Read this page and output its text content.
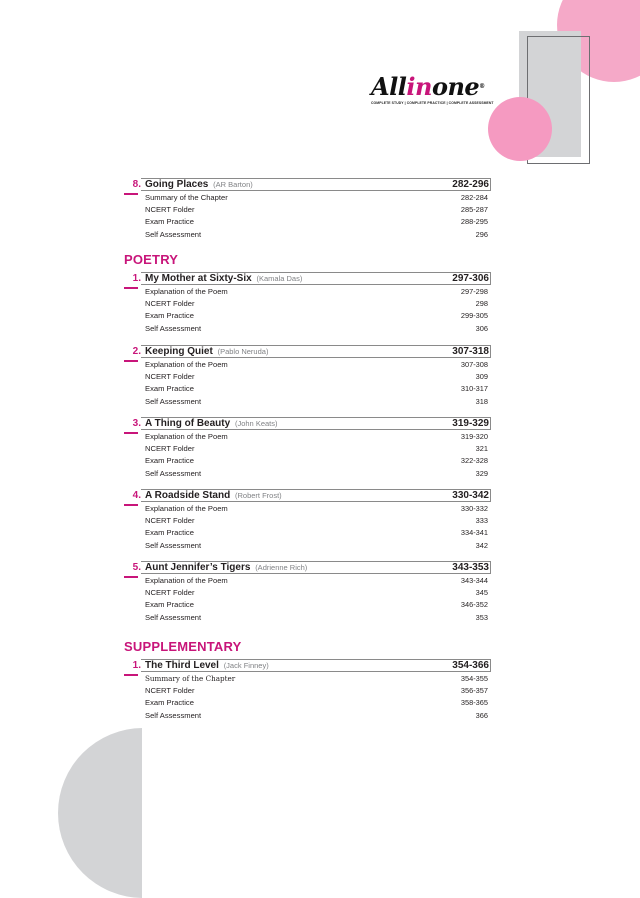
Allinone®
COMPLETE STUDY | COMPLETE PRACTICE | COMPLETE ASSESSMENT
8. Going Places (AR Barton)	282-296
Summary of the Chapter	282-284
NCERT Folder	285-287
Exam Practice	288-295
Self Assessment	296
POETRY
1. My Mother at Sixty-Six (Kamala Das)	297-306
Explanation of the Poem	297-298
NCERT Folder	298
Exam Practice	299-305
Self Assessment	306
2. Keeping Quiet (Pablo Neruda)	307-318
Explanation of the Poem	307-308
NCERT Folder	309
Exam Practice	310-317
Self Assessment	318
3. A Thing of Beauty (John Keats)	319-329
Explanation of the Poem	319-320
NCERT Folder	321
Exam Practice	322-328
Self Assessment	329
4. A Roadside Stand (Robert Frost)	330-342
Explanation of the Poem	330-332
NCERT Folder	333
Exam Practice	334-341
Self Assessment	342
5. Aunt Jennifer’s Tigers (Adrienne Rich)	343-353
Explanation of the Poem	343-344
NCERT Folder	345
Exam Practice	346-352
Self Assessment	353
SUPPLEMENTARY
1. The Third Level (Jack Finney)	354-366
Summary of the Chapter	354-355
NCERT Folder	356-357
Exam Practice	358-365
Self Assessment	366
